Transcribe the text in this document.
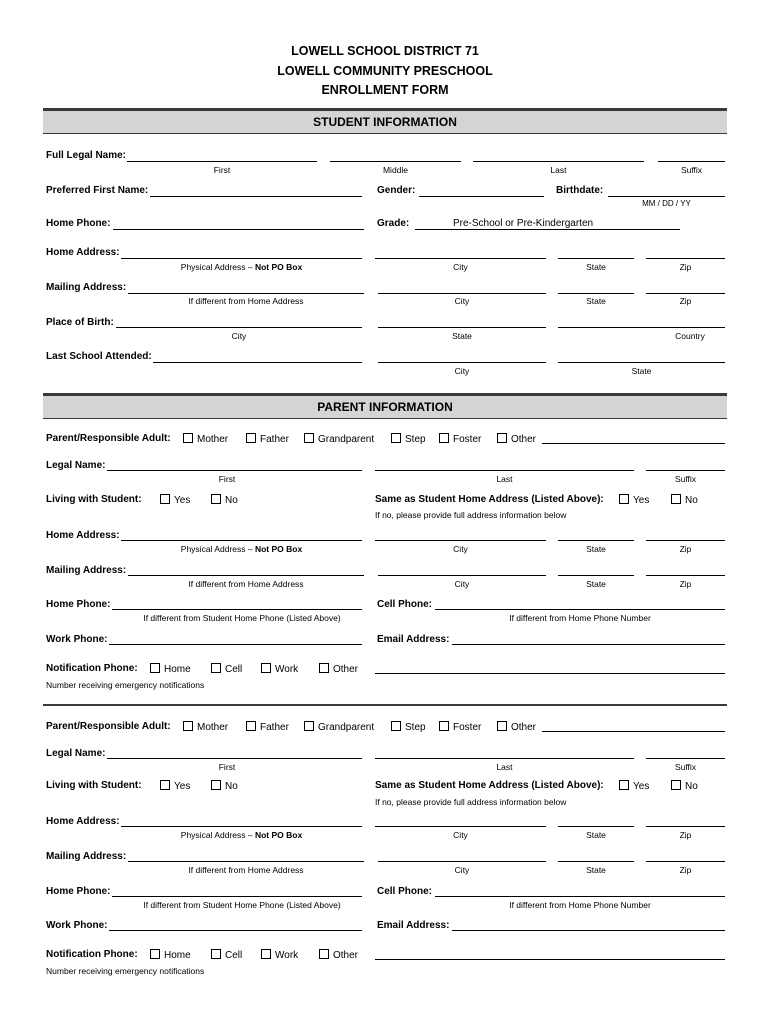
LOWELL SCHOOL DISTRICT 71
LOWELL COMMUNITY PRESCHOOL
ENROLLMENT FORM
STUDENT INFORMATION
Full Legal Name:
First	Middle	Last	Suffix
Preferred First Name:	Gender:	Birthdate:
MM / DD / YY
Home Phone:	Grade:	Pre-School or Pre-Kindergarten
Home Address:
Physical Address – Not PO Box	City	State	Zip
Mailing Address:
If different from Home Address	City	State	Zip
Place of Birth:
City	State	Country
Last School Attended:
City	State
PARENT INFORMATION
Parent/Responsible Adult:	Mother	Father	Grandparent	Step	Foster	Other
Legal Name:
First	Last	Suffix
Living with Student:	Yes	No	Same as Student Home Address (Listed Above):	Yes	No
If no, please provide full address information below
Home Address:
Physical Address – Not PO Box	City	State	Zip
Mailing Address:
If different from Home Address	City	State	Zip
Home Phone:
If different from Student Home Phone (Listed Above)
Cell Phone:
If different from Home Phone Number
Work Phone:	Email Address:
Notification Phone:	Home	Cell	Work	Other
Number receiving emergency notifications
Parent/Responsible Adult:	Mother	Father	Grandparent	Step	Foster	Other
Legal Name:
First	Last	Suffix
Living with Student:	Yes	No	Same as Student Home Address (Listed Above):	Yes	No
If no, please provide full address information below
Home Address:
Physical Address – Not PO Box	City	State	Zip
Mailing Address:
If different from Home Address	City	State	Zip
Home Phone:
If different from Student Home Phone (Listed Above)
Cell Phone:
If different from Home Phone Number
Work Phone:	Email Address:
Notification Phone:	Home	Cell	Work	Other
Number receiving emergency notifications
